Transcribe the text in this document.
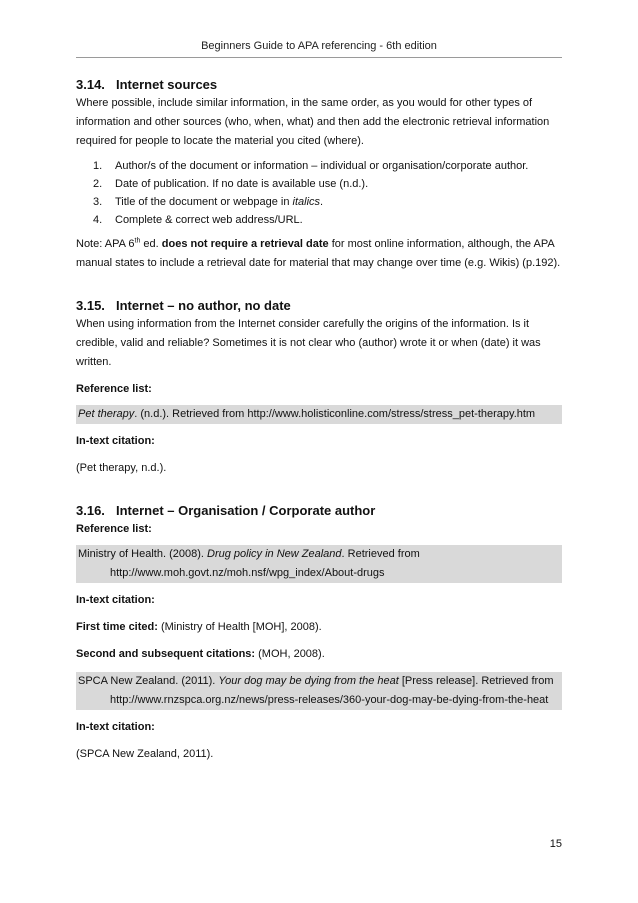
Beginners Guide to APA referencing - 6th edition
3.14. Internet sources

Where possible, include similar information, in the same order, as you would for other types of information and other sources (who, when, what) and then add the electronic retrieval information required for people to locate the material you cited (where).

1. Author/s of the document or information – individual or organisation/corporate author.
2. Date of publication. If no date is available use (n.d.).
3. Title of the document or webpage in italics.
4. Complete & correct web address/URL.

Note: APA 6th ed. does not require a retrieval date for most online information, although, the APA manual states to include a retrieval date for material that may change over time (e.g. Wikis) (p.192).

3.15. Internet – no author, no date

When using information from the Internet consider carefully the origins of the information. Is it credible, valid and reliable? Sometimes it is not clear who (author) wrote it or when (date) it was written.

Reference list:

Pet therapy. (n.d.). Retrieved from http://www.holisticonline.com/stress/stress_pet-therapy.htm

In-text citation:

(Pet therapy, n.d.).

3.16. Internet – Organisation / Corporate author

Reference list:

Ministry of Health. (2008). Drug policy in New Zealand. Retrieved from
http://www.moh.govt.nz/moh.nsf/wpg_index/About-drugs

In-text citation:

First time cited: (Ministry of Health [MOH], 2008).

Second and subsequent citations: (MOH, 2008).

SPCA New Zealand. (2011). Your dog may be dying from the heat [Press release]. Retrieved from
http://www.rnzspca.org.nz/news/press-releases/360-your-dog-may-be-dying-from-the-heat

In-text citation:

(SPCA New Zealand, 2011).

15
